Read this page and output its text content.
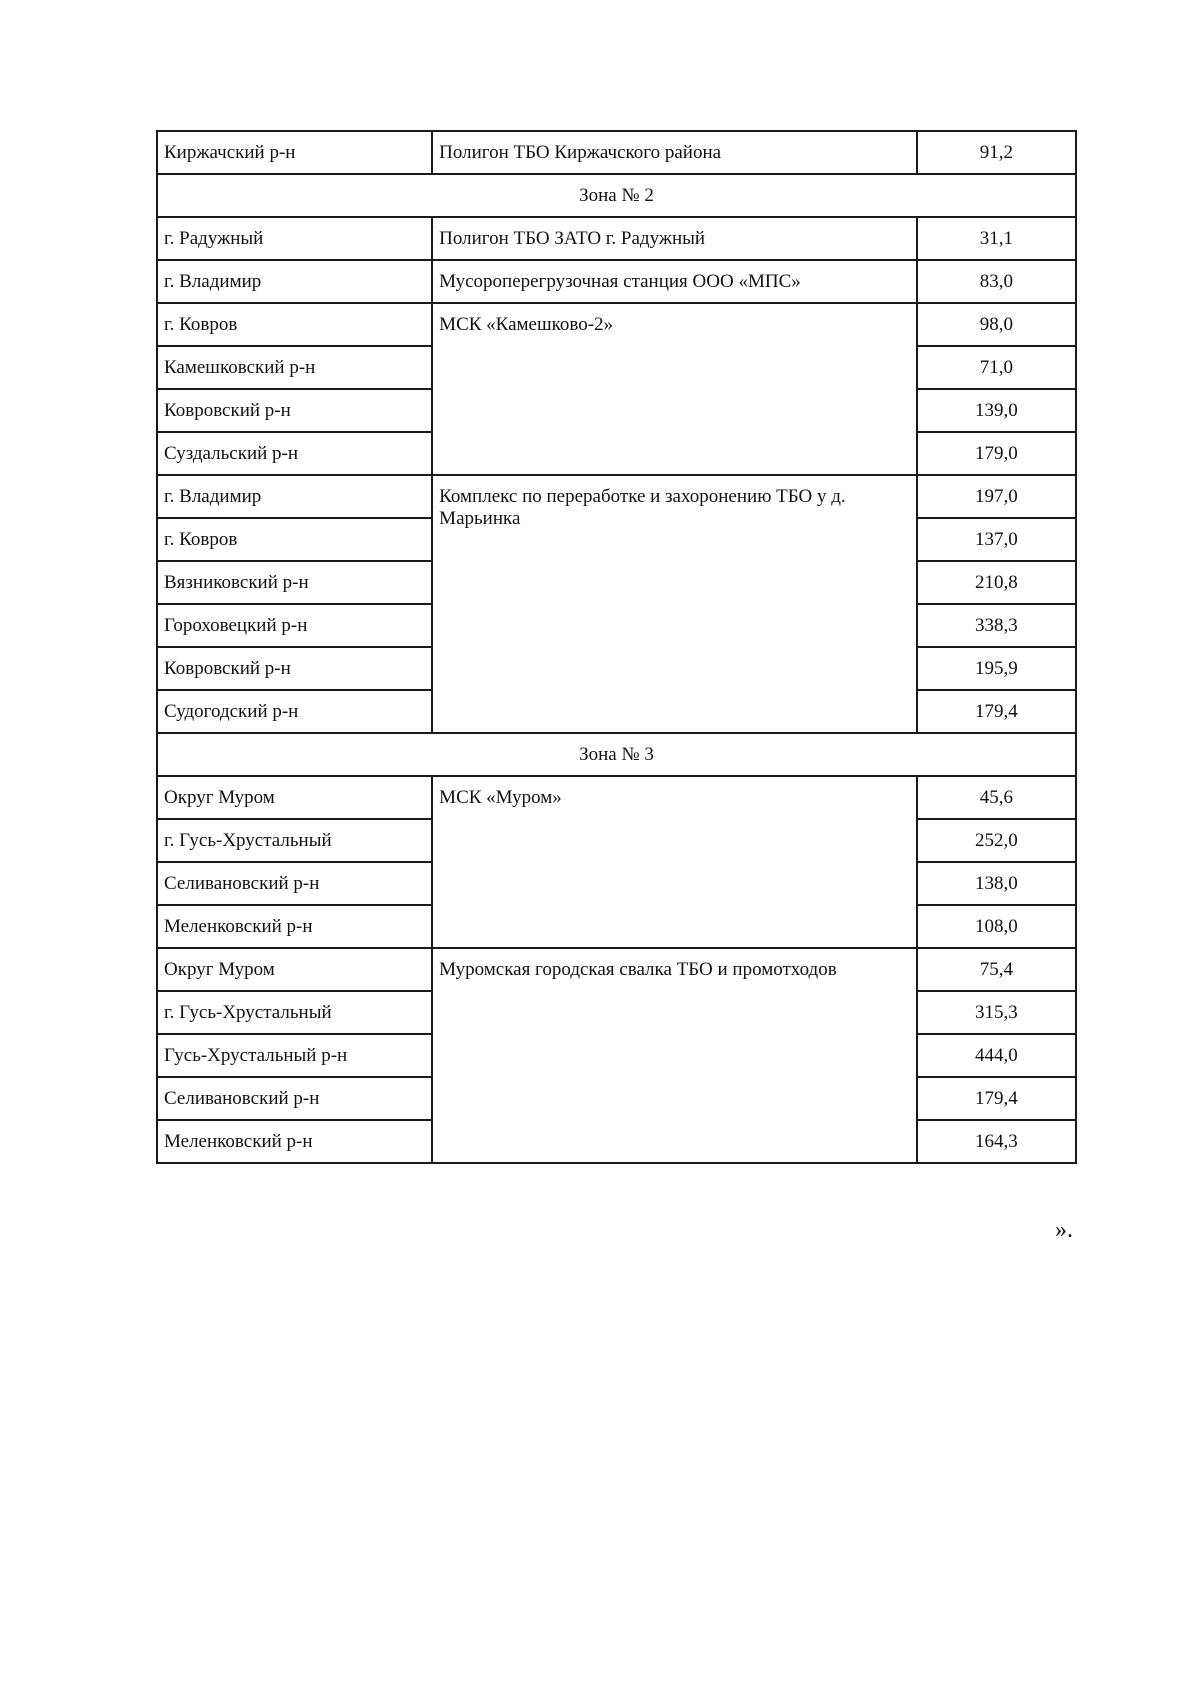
Киржачский р-н	Полигон ТБО Киржачского района	91,2
Зона № 2		
г. Радужный	Полигон ТБО ЗАТО г. Радужный	31,1
г. Владимир	Мусороперегрузочная станция ООО «МПС»	83,0
г. Ковров	МСК «Камешково-2»	98,0
Камешковский р-н		71,0
Ковровский р-н		139,0
Суздальский р-н		179,0
г. Владимир	Комплекс по переработке и захоронению ТБО у д. Марьинка	197,0
г. Ковров		137,0
Вязниковский р-н		210,8
Гороховецкий р-н		338,3
Ковровский р-н		195,9
Судогодский р-н		179,4
Зона № 3		
Округ Муром	МСК «Муром»	45,6
г. Гусь-Хрустальный		252,0
Селивановский р-н		138,0
Меленковский р-н		108,0
Округ Муром	Муромская городская свалка ТБО и промотходов	75,4
г. Гусь-Хрустальный		315,3
Гусь-Хрустальный р-н		444,0
Селивановский р-н		179,4
Меленковский р-н		164,3
».
